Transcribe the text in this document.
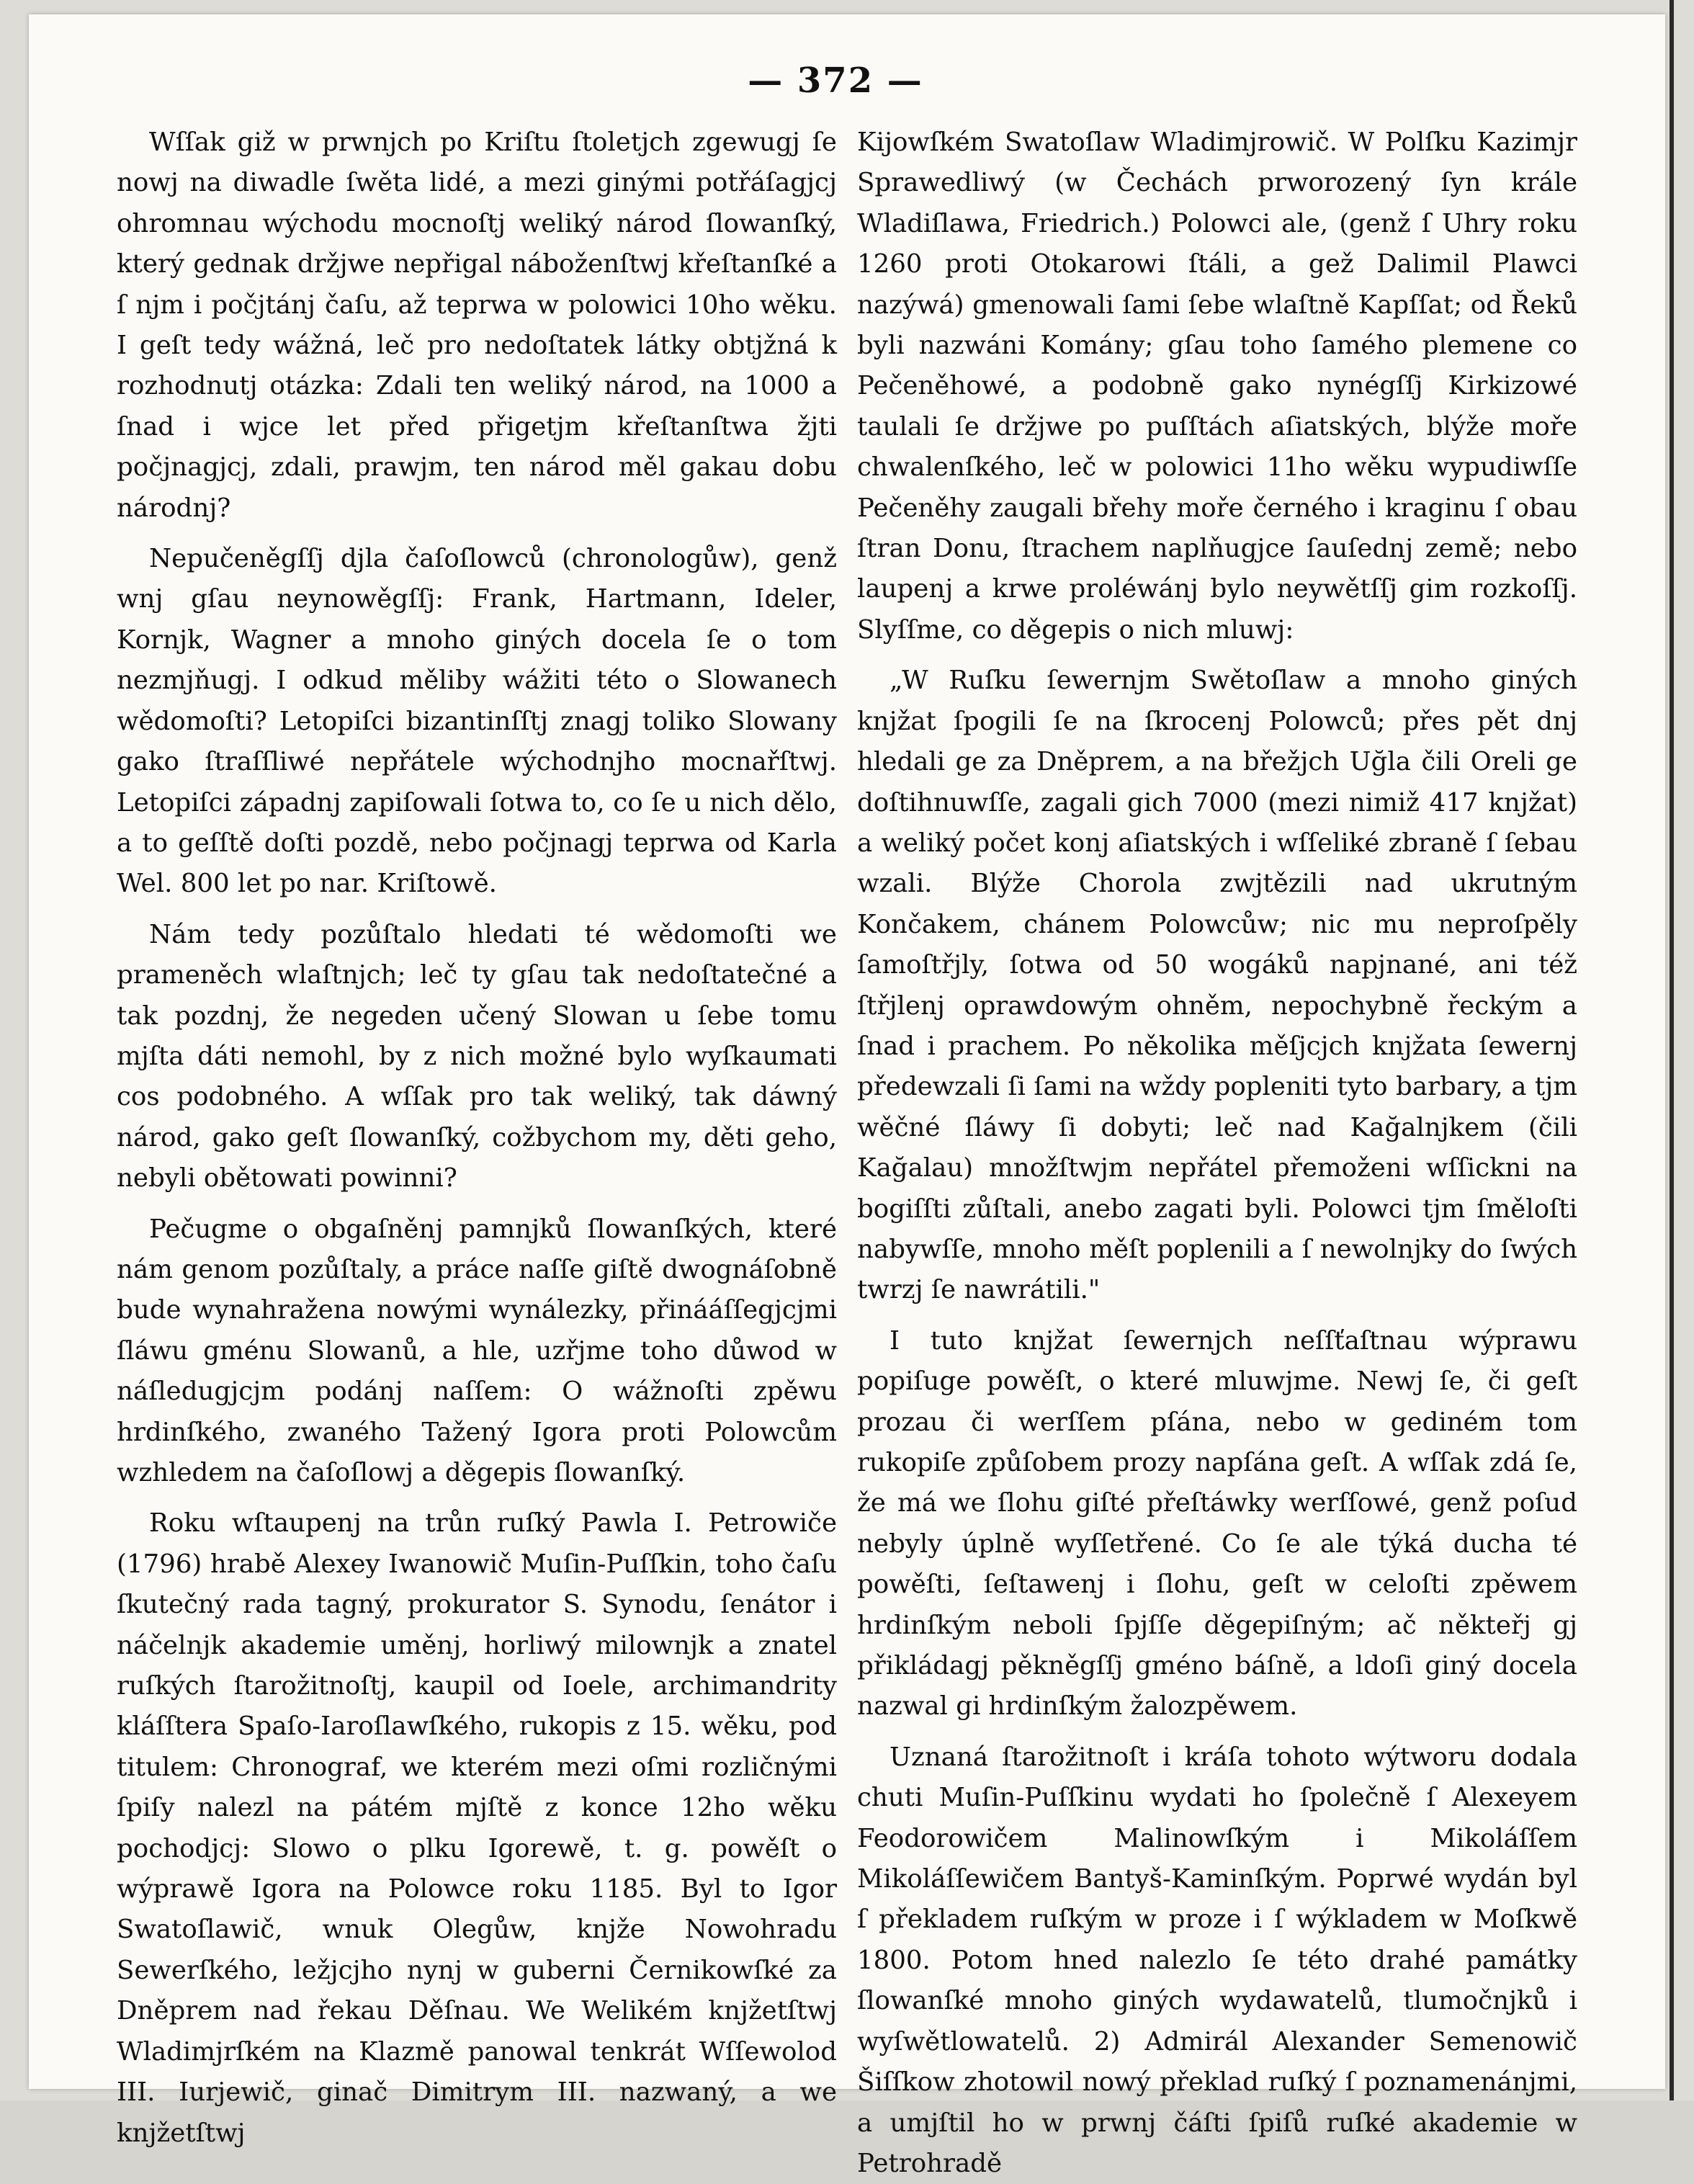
— 372 —

Wſſak giž w prwnjch po Kriſtu ſtoletjch zgewugj ſe nowj na diwadle ſwěta lidé, a mezi ginými potřáſagjcj ohromnau wýchodu mocnoſtj weliký národ ſlowanſký, který gednak držjwe nepřigal náboženſtwj křeſtanſké a ſ njm i počjtánj čaſu, až teprwa w polowici 10ho wěku. I geſt tedy wážná, leč pro nedoſtatek látky obtjžná k rozhodnutj otázka: Zdali ten weliký národ, na 1000 a ſnad i wjce let před přigetjm křeſtanſtwa žjti počjnagjcj, zdali, prawjm, ten národ měl gakau dobu národnj?

Nepučeněgſſj djla čaſoſlowců (chronologůw), genž wnj gſau neynowěgſſj: Frank, Hartmann, Ideler, Kornjk, Wagner a mnoho giných docela ſe o tom nezmjňugj. I odkud měliby wážiti této o Slowanech wědomoſti? Letopiſci bizantinſſtj znagj toliko Slowany gako ſtraſſliwé nepřátele wýchodnjho mocnařſtwj. Letopiſci západnj zapiſowali ſotwa to, co ſe u nich dělo, a to geſſtě doſti pozdě, nebo počjnagj teprwa od Karla Wel. 800 let po nar. Kriſtowě.

Nám tedy pozůſtalo hledati té wědomoſti we prameněch wlaſtnjch; leč ty gſau tak nedoſtatečné a tak pozdnj, že negeden učený Slowan u ſebe tomu mjſta dáti nemohl, by z nich možné bylo wyſkaumati cos podobného. A wſſak pro tak weliký, tak dáwný národ, gako geſt ſlowanſký, cožbychom my, děti geho, nebyli obětowati powinni?

Pečugme o obgaſněnj pamnjků ſlowanſkých, které nám genom pozůſtaly, a práce naſſe giſtě dwognáſobně bude wynahražena nowými wynálezky, přinááſſegjcjmi ſláwu gménu Slowanů, a hle, uzřjme toho důwod w náſledugjcjm podánj naſſem: O wážnoſti zpěwu hrdinſkého, zwaného Tažený Igora proti Polowcům wzhledem na čaſoſlowj a děgepis ſlowanſký.

Roku wſtaupenj na trůn ruſký Pawla I. Petrowiče (1796) hrabě Alexey Iwanowič Muſin-Puſſkin, toho čaſu ſkutečný rada tagný, prokurator S. Synodu, ſenátor i náčelnjk akademie uměnj, horliwý milownjk a znatel ruſkých ſtarožitnoſtj, kaupil od Ioele, archimandrity kláſſtera Spaſo-Iaroſlawſkého, rukopis z 15. wěku, pod titulem: Chronograf, we kterém mezi oſmi rozličnými ſpiſy nalezl na pátém mjſtě z konce 12ho wěku pochodjcj: Slowo o plku Igorewě, t. g. powěſt o wýprawě Igora na Polowce roku 1185. Byl to Igor Swatoſlawič, wnuk Olegůw, knjže Nowohradu Sewerſkého, ležjcjho nynj w guberni Černikowſké za Dněprem nad řekau Děſnau. We Welikém knjžetſtwj Wladimjrſkém na Klazmě panowal tenkrát Wſſewolod III. Iurjewič, ginač Dimitrym III. nazwaný, a we knjžetſtwj

Kijowſkém Swatoſlaw Wladimjrowič. W Polſku Kazimjr Sprawedliwý (w Čechách prworozený ſyn krále Wladiſlawa, Friedrich.) Polowci ale, (genž ſ Uhry roku 1260 proti Otokarowi ſtáli, a gež Dalimil Plawci nazýwá) gmenowali ſami ſebe wlaſtně Kapſſat; od Řeků byli nazwáni Komány; gſau toho ſamého plemene co Pečeněhowé, a podobně gako nynégſſj Kirkizowé taulali ſe držjwe po puſſtách aſiatských, blýže moře chwalenſkého, leč w polowici 11ho wěku wypudiwſſe Pečeněhy zaugali břehy moře černého i kraginu ſ obau ſtran Donu, ſtrachem naplňugjce ſauſednj země; nebo laupenj a krwe proléwánj bylo neywětſſj gim rozkoſſj. Slyſſme, co děgepis o nich mluwj:

„W Ruſku ſewernjm Swětoſlaw a mnoho giných knjžat ſpogili ſe na ſkrocenj Polowců; přes pět dnj hledali ge za Dněprem, a na břežjch Uğla čili Oreli ge doſtihnuwſſe, zagali gich 7000 (mezi nimiž 417 knjžat) a weliký počet konj aſiatských i wſſeliké zbraně ſ ſebau wzali. Blýže Chorola zwjtězili nad ukrutným Končakem, chánem Polowcůw; nic mu neproſpěly ſamoſtřjly, ſotwa od 50 wogáků napjnané, ani též ſtřjlenj oprawdowým ohněm, nepochybně řeckým a ſnad i prachem. Po několika měſjcjch knjžata ſewernj předewzali ſi ſami na wždy popleniti tyto barbary, a tjm wěčné ſláwy ſi dobyti; leč nad Kağalnjkem (čili Kağalau) množſtwjm nepřátel přemoženi wſſickni na bogiſſti zůſtali, anebo zagati byli. Polowci tjm ſměloſti nabywſſe, mnoho měſt poplenili a ſ newolnjky do ſwých twrzj ſe nawrátili."

I tuto knjžat ſewernjch neſſťaſtnau wýprawu popiſuge powěſt, o které mluwjme. Newj ſe, či geſt prozau či werſſem pſána, nebo w gediném tom rukopiſe způſobem prozy napſána geſt. A wſſak zdá ſe, že má we ſlohu giſté přeſtáwky werſſowé, genž poſud nebyly úplně wyſſetřené. Co ſe ale týká ducha té powěſti, ſeſtawenj i ſlohu, geſt w celoſti zpěwem hrdinſkým neboli ſpjſſe děgepiſným; ač někteřj gj přikládagj pěkněgſſj gméno báſně, a ldoſi giný docela nazwal gi hrdinſkým žalozpěwem.

Uznaná ſtarožitnoſt i kráſa tohoto wýtworu dodala chuti Muſin-Puſſkinu wydati ho ſpolečně ſ Alexeyem Feodorowičem Malinowſkým i Mikoláſſem Mikoláſſewičem Bantyš-Kaminſkým. Poprwé wydán byl ſ překladem ruſkým w proze i ſ wýkladem w Moſkwě 1800. Potom hned nalezlo ſe této drahé památky ſlowanſké mnoho giných wydawatelů, tlumočnjků i wyſwětlowatelů. 2) Admirál Alexander Semenowič Šiſſkow zhotowil nowý překlad ruſký ſ poznamenánjmi, a umjſtil ho w prwnj čáſti ſpiſů ruſké akademie w Petrohradě
